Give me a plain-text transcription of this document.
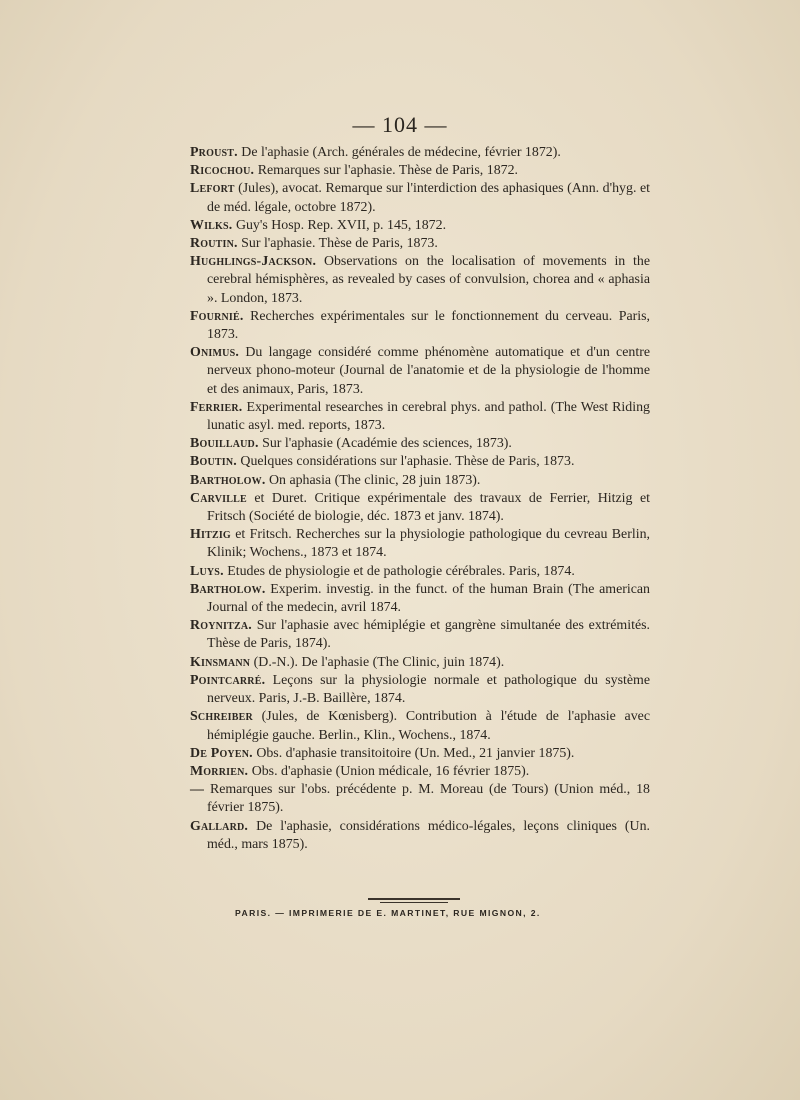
— 104 —

Proust. De l'aphasie (Arch. générales de médecine, février 1872).

Ricochou. Remarques sur l'aphasie. Thèse de Paris, 1872.

Lefort (Jules), avocat. Remarque sur l'interdiction des aphasiques (Ann. d'hyg. et de méd. légale, octobre 1872).

Wilks. Guy's Hosp. Rep. XVII, p. 145, 1872.

Routin. Sur l'aphasie. Thèse de Paris, 1873.

Hughlings-Jackson. Observations on the localisation of movements in the cerebral hémisphères, as revealed by cases of convulsion, chorea and « aphasia ». London, 1873.

Fournié. Recherches expérimentales sur le fonctionnement du cerveau. Paris, 1873.

Onimus. Du langage considéré comme phénomène automatique et d'un centre nerveux phono-moteur (Journal de l'anatomie et de la physiologie de l'homme et des animaux, Paris, 1873.

Ferrier. Experimental researches in cerebral phys. and pathol. (The West Riding lunatic asyl. med. reports, 1873.

Bouillaud. Sur l'aphasie (Académie des sciences, 1873).

Boutin. Quelques considérations sur l'aphasie. Thèse de Paris, 1873.

Bartholow. On aphasia (The clinic, 28 juin 1873).

Carville et Duret. Critique expérimentale des travaux de Ferrier, Hitzig et Fritsch (Société de biologie, déc. 1873 et janv. 1874).

Hitzig et Fritsch. Recherches sur la physiologie pathologique du cevreau Berlin, Klinik; Wochens., 1873 et 1874.

Luys. Etudes de physiologie et de pathologie cérébrales. Paris, 1874.

Bartholow. Experim. investig. in the funct. of the human Brain (The american Journal of the medecin, avril 1874.

Roynitza. Sur l'aphasie avec hémiplégie et gangrène simultanée des extrémités. Thèse de Paris, 1874).

Kinsmann (D.-N.). De l'aphasie (The Clinic, juin 1874).

Pointcarré. Leçons sur la physiologie normale et pathologique du système nerveux. Paris, J.-B. Baillère, 1874.

Schreiber (Jules, de Kœnisberg). Contribution à l'étude de l'aphasie avec hémiplégie gauche. Berlin., Klin., Wochens., 1874.

De Poyen. Obs. d'aphasie transitoitoire (Un. Med., 21 janvier 1875).

Morrien. Obs. d'aphasie (Union médicale, 16 février 1875).

— Remarques sur l'obs. précédente p. M. Moreau (de Tours) (Union méd., 18 février 1875).

Gallard. De l'aphasie, considérations médico-légales, leçons cliniques (Un. méd., mars 1875).

PARIS. — IMPRIMERIE DE E. MARTINET, RUE MIGNON, 2.
